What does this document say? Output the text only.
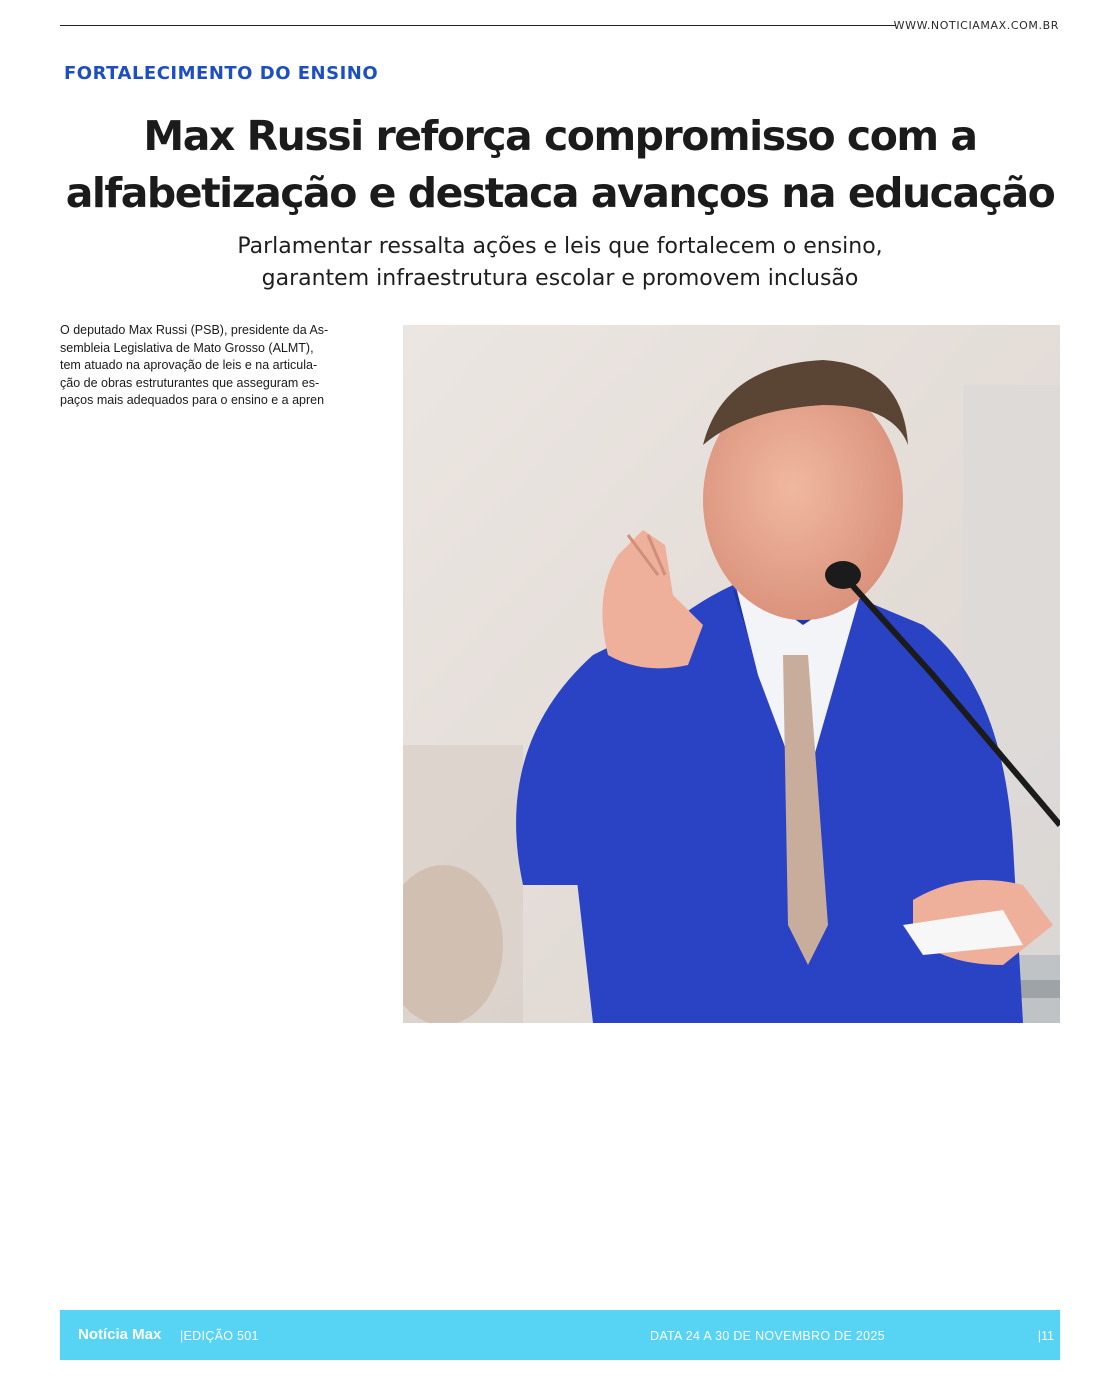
WWW.NOTICIAMAX.COM.BR
FORTALECIMENTO DO ENSINO
Max Russi reforça compromisso com a
alfabetização e destaca avanços na educação

Parlamentar ressalta ações e leis que fortalecem o ensino,

garantem infraestrutura escolar e promovem inclusão

O deputado Max Russi (PSB), presidente da As-
sembleia Legislativa de Mato Grosso (ALMT),
tem atuado na aprovação de leis e na articula-
ção de obras estruturantes que asseguram es-
paços mais adequados para o ensino e a apren
Notícia Max |EDIÇÃO 501	DATA 24 A 30 DE NOVEMBRO DE 2025	|11
